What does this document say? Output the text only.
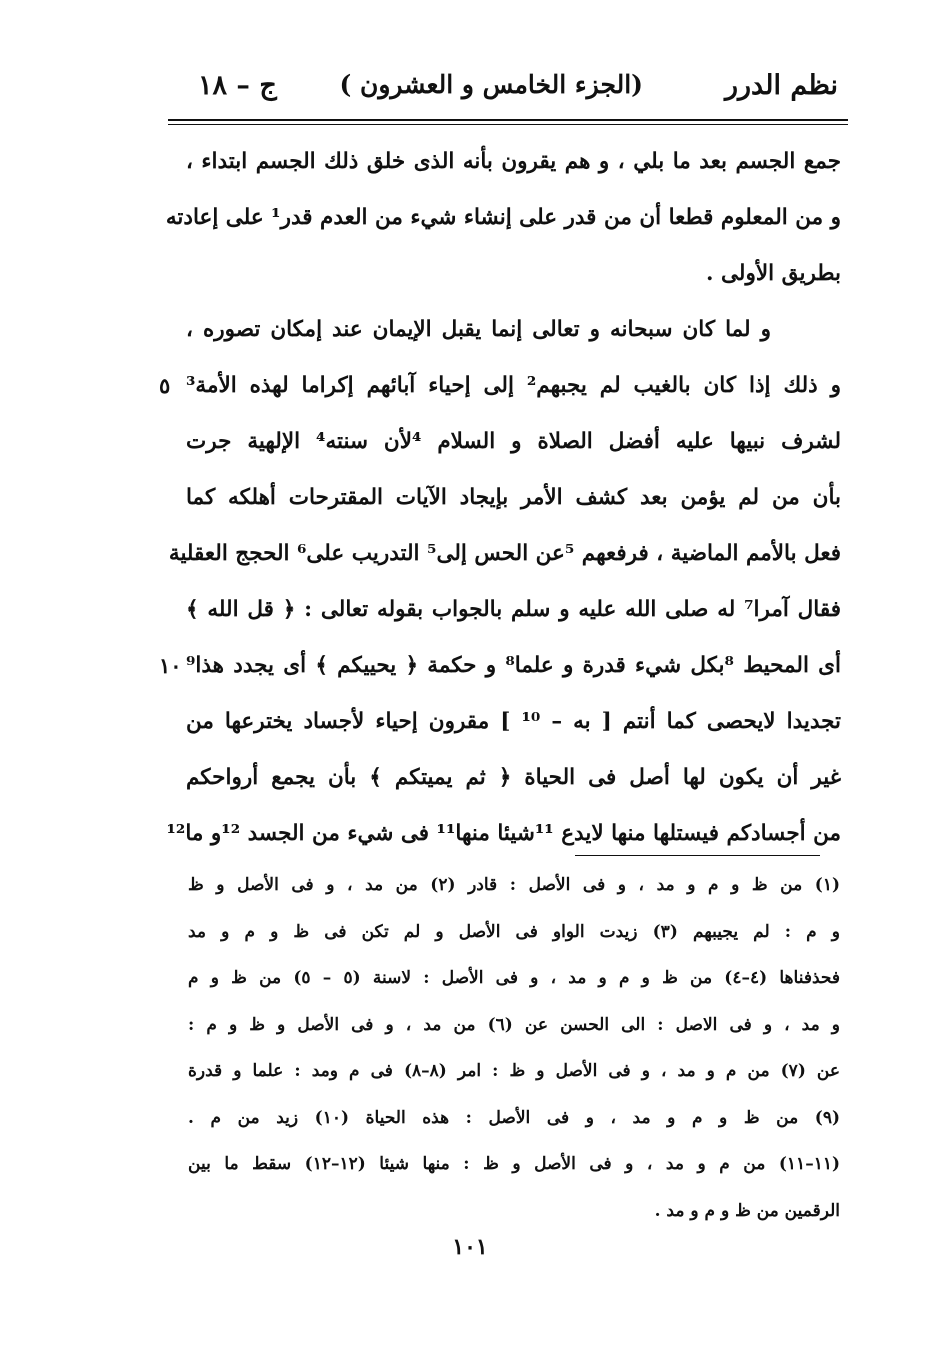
نظم الدرر
(الجزء الخامس و العشرون )
ج – ١٨
جمع الجسم بعد ما بلي ، و هم يقرون بأنه الذى خلق ذلك الجسم ابتداء ،
و من المعلوم قطعا أن من قدر على إنشاء شيء من العدم قدر¹ على إعادته
بطريق الأولى .
و لما كان سبحانه و تعالى إنما يقبل الإيمان عند إمكان تصوره ،
و ذلك إذا كان بالغيب لم يجبهم² إلى إحياء آبائهم إكراما لهذه الأمة³
٥
لشرف نبيها عليه أفضل الصلاة و السلام ⁴لأن سنته⁴ الإلهية جرت
بأن من لم يؤمن بعد كشف الأمر بإيجاد الآيات المقترحات أهلكه كما
فعل بالأمم الماضية ، فرفعهم ⁵عن الحس إلى⁵ التدريب على⁶ الحجج العقلية
فقال آمرا⁷ له صلى الله عليه و سلم بالجواب بقوله تعالى : ﴿ قل الله ﴾
أى المحيط ⁸بكل شيء قدرة و علما⁸ و حكمة ﴿ يحييكم ﴾ أى يجدد هذا⁹
١٠
تجديدا لايحصى كما أنتم [ به – ¹⁰ ] مقرون إحياء لأجساد يخترعها من
غير أن يكون لها أصل فى الحياة ﴿ ثم يميتكم ﴾ بأن يجمع أرواحكم
من أجسادكم فيستلها منها لايدع ¹¹شيئا منها¹¹ فى شيء من الجسد ¹²و ما¹²
(١) من ظ و م و مد ، و فى الأصل : قادر (٢) من مد ، و فى الأصل و ظ
و م : لم يجيبهم (٣) زيدت الواو فى الأصل و لم تكن فى ظ و م و مد
فحذفناها (٤–٤) من ظ و م و مد ، و فى الأصل : لاسنة (٥ – ٥) من ظ و م
و مد ، و فى الاصل : الى الحسن عن (٦) من مد ، و فى الأصل و ظ و م :
عن (٧) من م و مد ، و فى الأصل و ظ : امر (٨–٨) فى م ومد : علما و قدرة
(٩) من ظ و م و مد ، و فى الأصل : هذه الحياة (١٠) زيد من م .
(١١–١١) من م و مد ، و فى الأصل و ظ : منها شيئا (١٢–١٢) سقط ما بين
الرقمين من ظ و م و مد .
١٠١
